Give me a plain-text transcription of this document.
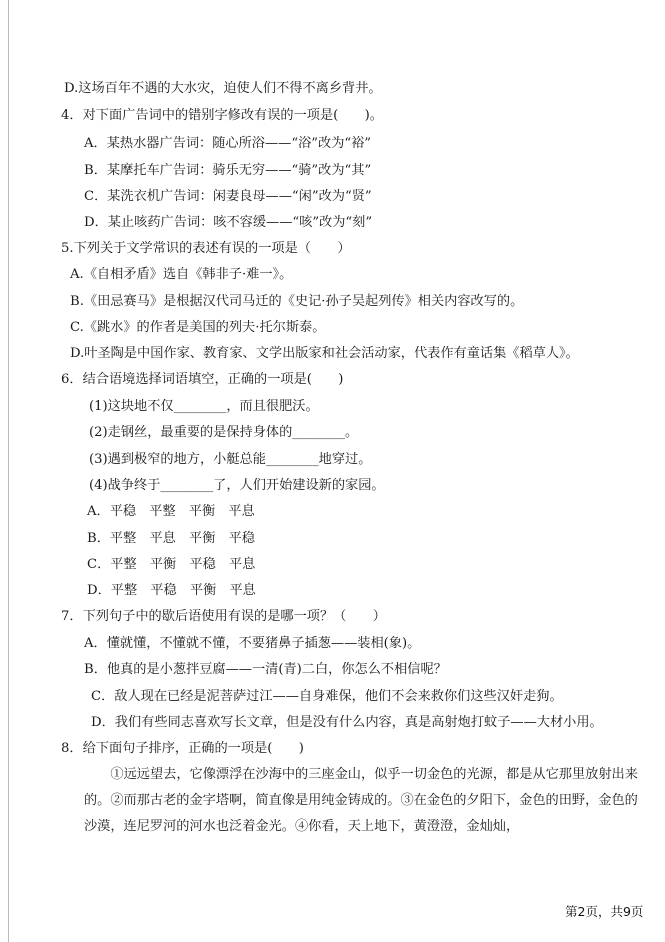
D.这场百年不遇的大水灾，迫使人们不得不离乡背井。
4．对下面广告词中的错别字修改有误的一项是(　　)。
A．某热水器广告词：随心所浴——“浴”改为“裕”
B．某摩托车广告词：骑乐无穷——“骑”改为“其”
C．某洗衣机广告词：闲妻良母——“闲”改为“贤”
D．某止咳药广告词：咳不容缓——“咳”改为“刻”
5.下列关于文学常识的表述有误的一项是（　　）
A.《自相矛盾》选自《韩非子·难一》。
B.《田忌赛马》是根据汉代司马迁的《史记·孙子吴起列传》相关内容改写的。
C.《跳水》的作者是美国的列夫·托尔斯泰。
D.叶圣陶是中国作家、教育家、文学出版家和社会活动家，代表作有童话集《稻草人》。
6．结合语境选择词语填空，正确的一项是(　　)
(1)这块地不仅________，而且很肥沃。
(2)走钢丝，最重要的是保持身体的________。
(3)遇到极窄的地方，小艇总能________地穿过。
(4)战争终于________了，人们开始建设新的家园。
A．平稳　平整　平衡　平息
B．平整　平息　平衡　平稳
C．平整　平衡　平稳　平息
D．平整　平稳　平衡　平息
7．下列句子中的歇后语使用有误的是哪一项？（　　）
A．懂就懂，不懂就不懂，不要猪鼻子插葱——装相(象)。
B．他真的是小葱拌豆腐——一清(青)二白，你怎么不相信呢？
C．敌人现在已经是泥菩萨过江——自身难保，他们不会来救你们这些汉奸走狗。
D．我们有些同志喜欢写长文章，但是没有什么内容，真是高射炮打蚊子——大材小用。
8．给下面句子排序，正确的一项是(　　)
①远远望去，它像漂浮在沙海中的三座金山，似乎一切金色的光源，都是从它那里放射出来的。②而那古老的金字塔啊，简直像是用纯金铸成的。③在金色的夕阳下，金色的田野，金色的沙漠，连尼罗河的河水也泛着金光。④你看，天上地下，黄澄澄，金灿灿，
第2页，共9页
